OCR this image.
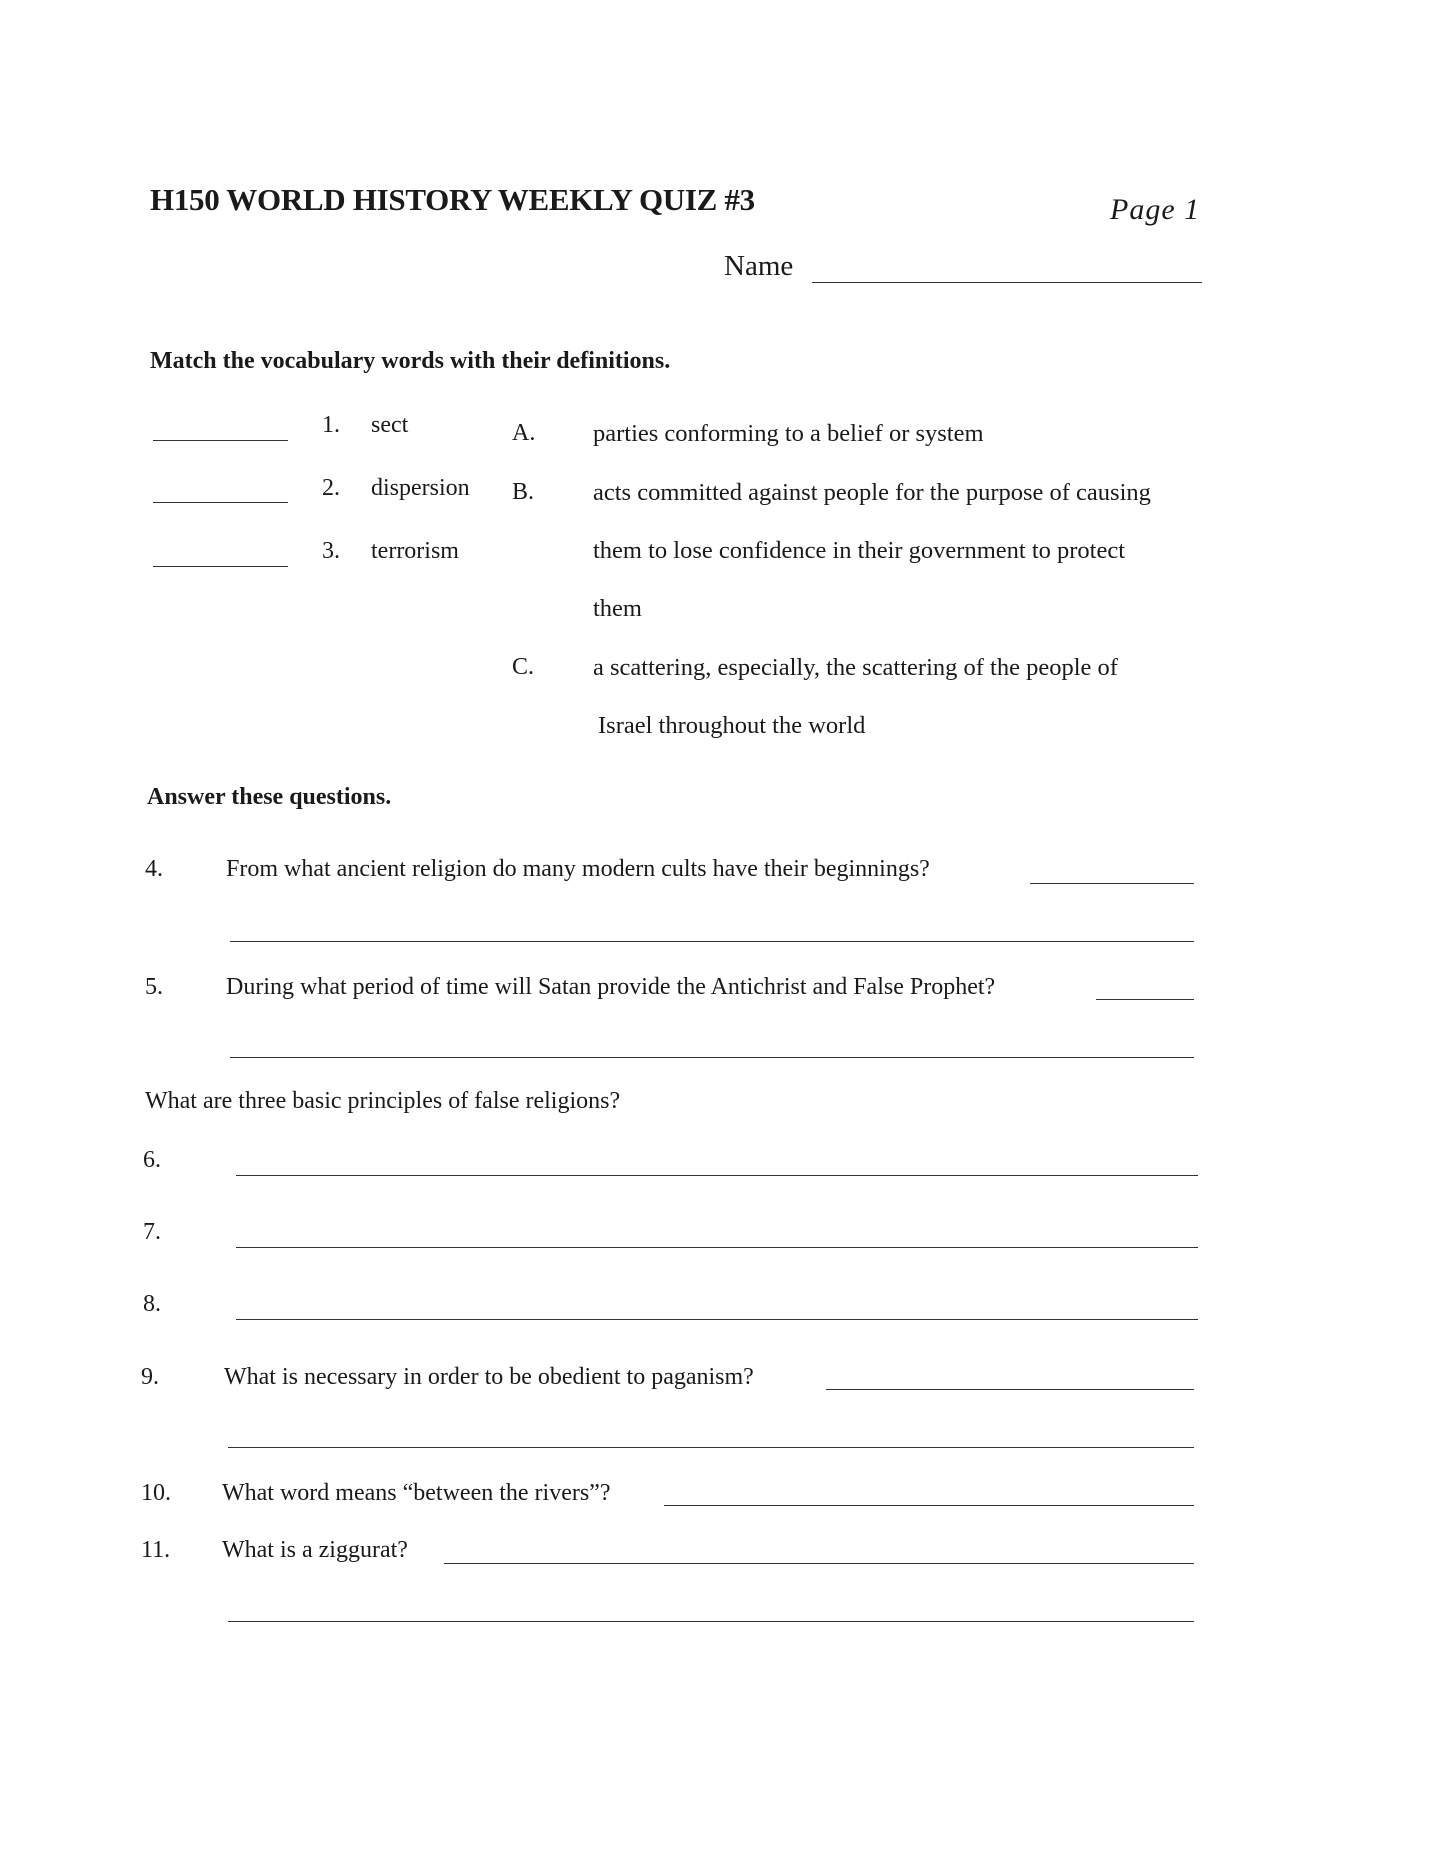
H150 WORLD HISTORY WEEKLY QUIZ #3	Page 1
Name
Match the vocabulary words with their definitions.
1. sect
2. dispersion
3. terrorism
A. parties conforming to a belief or system
B. acts committed against people for the purpose of causing
them to lose confidence in their government to protect
them
C. a scattering, especially, the scattering of the people of
Israel throughout the world
Answer these questions.
4.	From what ancient religion do many modern cults have their beginnings?
5.	During what period of time will Satan provide the Antichrist and False Prophet?
What are three basic principles of false religions?
6.
7.
8.
9.	What is necessary in order to be obedient to paganism?
10. What word means “between the rivers”?
11. What is a ziggurat?
